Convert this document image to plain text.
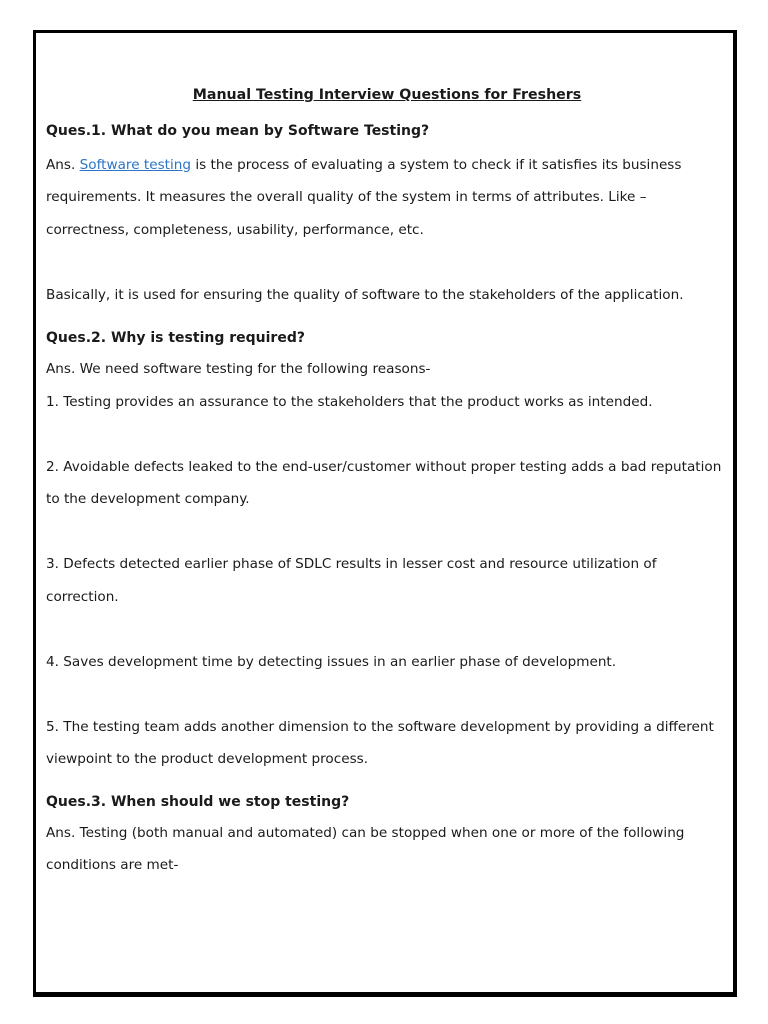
Manual Testing Interview Questions for Freshers
Ques.1. What do you mean by Software Testing?

Ans. Software testing is the process of evaluating a system to check if it satisfies its business requirements. It measures the overall quality of the system in terms of attributes. Like – correctness, completeness, usability, performance, etc.

Basically, it is used for ensuring the quality of software to the stakeholders of the application.

Ques.2. Why is testing required?

Ans. We need software testing for the following reasons-

1. Testing provides an assurance to the stakeholders that the product works as intended.

2. Avoidable defects leaked to the end-user/customer without proper testing adds a bad reputation to the development company.

3. Defects detected earlier phase of SDLC results in lesser cost and resource utilization of correction.

4. Saves development time by detecting issues in an earlier phase of development.

5. The testing team adds another dimension to the software development by providing a different viewpoint to the product development process.

Ques.3. When should we stop testing?

Ans. Testing (both manual and automated) can be stopped when one or more of the following conditions are met-
